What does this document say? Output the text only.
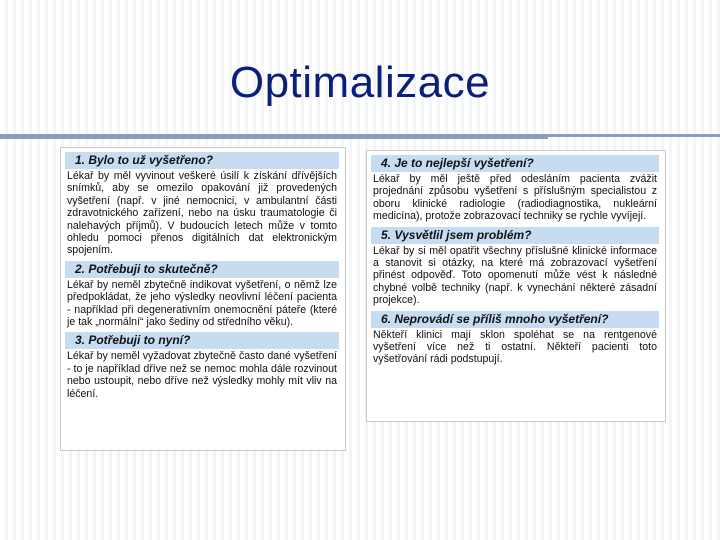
Optimalizace
1. Bylo to už vyšetřeno?
Lékař by měl vyvinout veškeré úsilí k získání dřívějších snímků, aby se omezilo opakování již provedených vyšetření (např. v jiné nemocnici, v ambulantní části zdravotnického zařízení, nebo na úsku traumatologie či nalehavých příjmů). V budoucích letech může v tomto ohledu pomoci přenos digitálních dat elektronickým spojením.
2. Potřebuji to skutečně?
Lékař by neměl zbytečně indikovat vyšetření, o němž lze předpokládat, že jeho výsledky neovlivní léčení pacienta - například při degenerativním onemocnění páteře (které je tak „normální“ jako šediny od středního věku).
3. Potřebuji to nyní?
Lékař by neměl vyžadovat zbytečně často dané vyšetření - to je například dříve než se nemoc mohla dále rozvinout nebo ustoupit, nebo dříve než výsledky mohly mít vliv na léčení.
4. Je to nejlepší vyšetření?
Lékař by měl ještě před odesláním pacienta zvážit projednání způsobu vyšetření s příslušným specialistou z oboru klinické radiologie (radiodiagnostika, nukleární medicína), protože zobrazovací techniky se rychle vyvíjejí.
5. Vysvětlil jsem problém?
Lékař by si měl opatřit všechny příslušné klinické informace a stanovit si otázky, na které má zobrazovací vyšetření přinést odpověď. Toto opomenutí může vést k následné chybné volbě techniky (např. k vynechání některé zásadní projekce).
6. Neprovádí se příliš mnoho vyšetření?
Někteří klinici mají sklon spoléhat se na rentgenové vyšetření více než ti ostatní. Někteří pacienti toto vyšetřování rádi podstupují.
